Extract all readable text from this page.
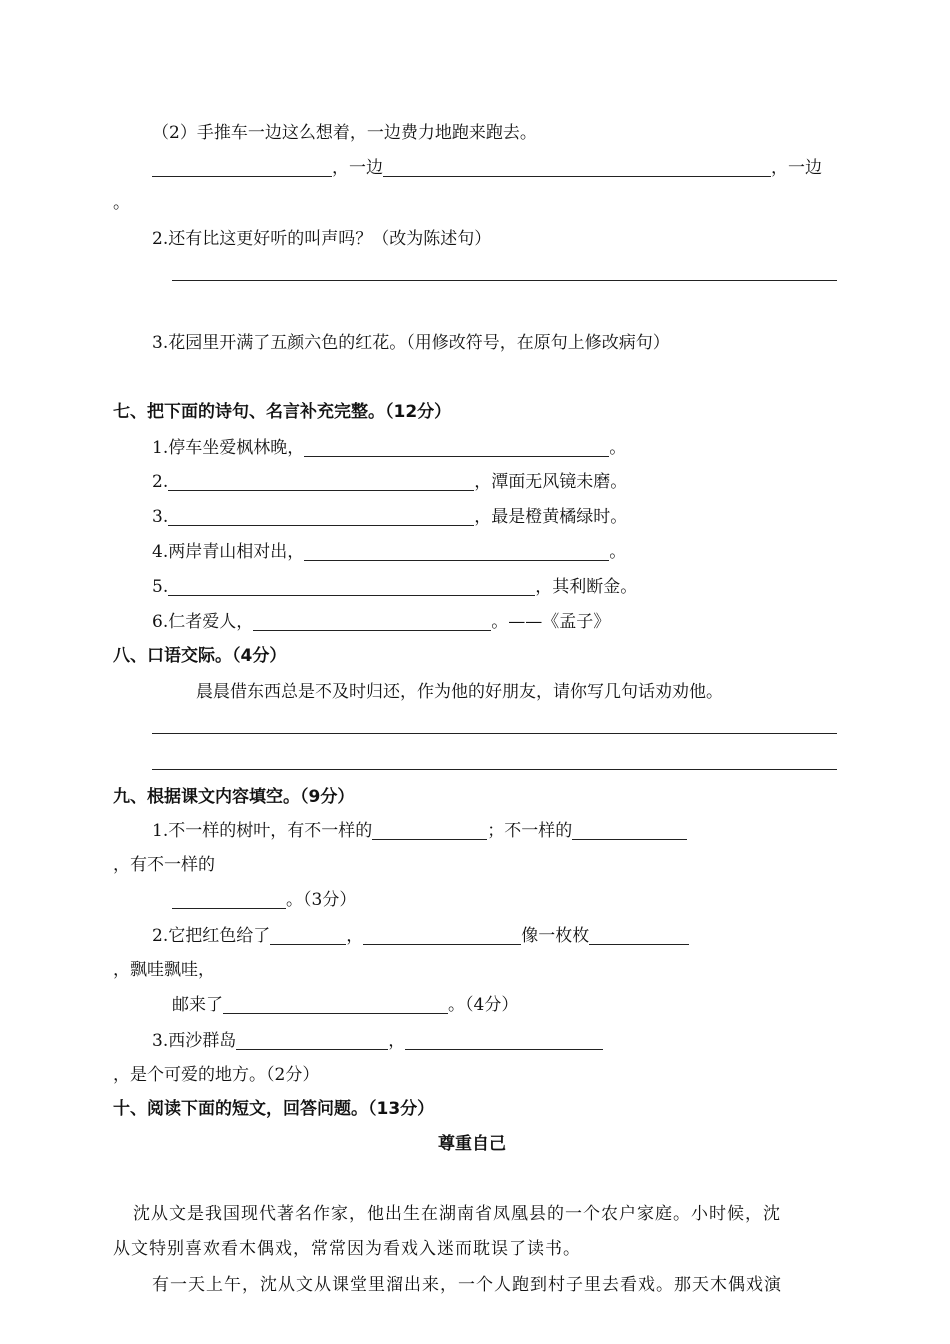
（2）手推车一边这么想着，一边费力地跑来跑去。
，一边	，一边
。
2.还有比这更好听的叫声吗？（改为陈述句）
3.花园里开满了五颜六色的红花。（用修改符号，在原句上修改病句）
七、把下面的诗句、名言补充完整。（12分）
1.停车坐爱枫林晚，	。
2.	，潭面无风镜未磨。
3.	，最是橙黄橘绿时。
4.两岸青山相对出，	。
5.	，其利断金。
6.仁者爱人，	。——《孟子》
八、口语交际。（4分）
晨晨借东西总是不及时归还，作为他的好朋友，请你写几句话劝劝他。
九、根据课文内容填空。（9分）
1.不一样的树叶，有不一样的	；不一样的
，有不一样的
。（3分）
2.它把红色给了	，	像一枚枚
，飘哇飘哇，
邮来了	。（4分）
3.西沙群岛	，
，是个可爱的地方。（2分）
十、阅读下面的短文，回答问题。（13分）
尊重自己
沈从文是我国现代著名作家，他出生在湖南省凤凰县的一个农户家庭。小时候，沈
从文特别喜欢看木偶戏，常常因为看戏入迷而耽误了读书。
有一天上午，沈从文从课堂里溜出来，一个人跑到村子里去看戏。那天木偶戏演
